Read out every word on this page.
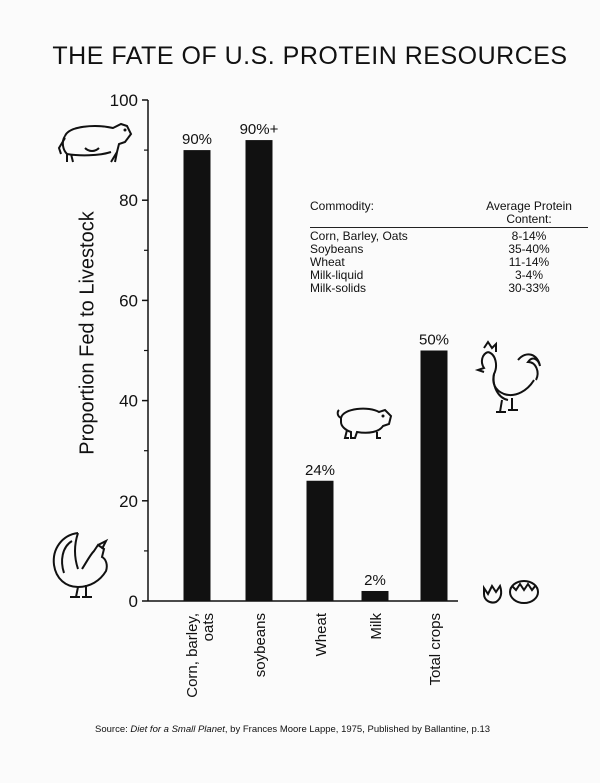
THE FATE OF U.S. PROTEIN RESOURCES
Proportion Fed to Livestock
0
20
40
60
80
100
90%
Corn, barley,oats
90%+
soybeans
24%
Wheat
2%
Milk
50%
Total crops
Commodity:	Average Protein Content:
Corn, Barley, Oats	8-14%
Soybeans	35-40%
Wheat	11-14%
Milk-liquid	3-4%
Milk-solids	30-33%
Source: Diet for a Small Planet, by Frances Moore Lappe, 1975, Published by Ballantine, p.13
